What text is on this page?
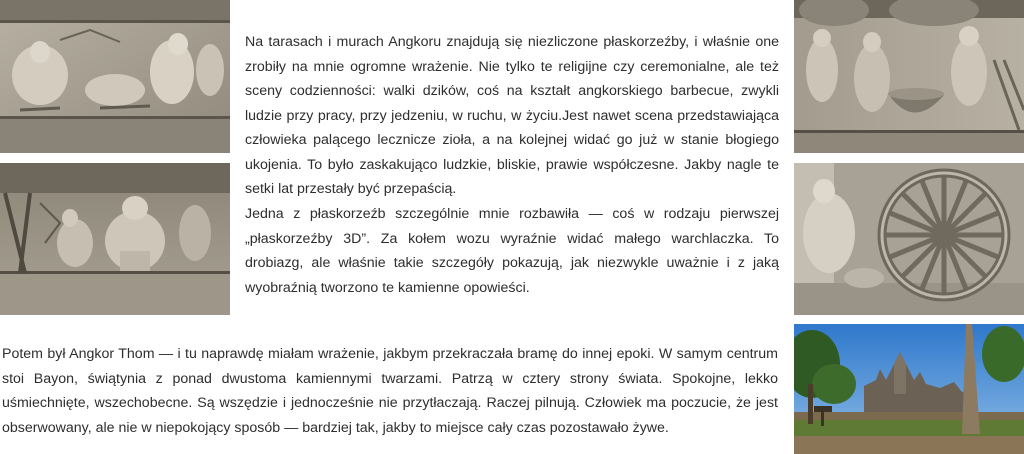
Na tarasach i murach Angkoru znajdują się niezliczone płaskorzeźby, i właśnie one zrobiły na mnie ogromne wrażenie. Nie tylko te religijne czy ceremonialne, ale też sceny codzienności: walki dzików, coś na kształt angkorskiego barbecue, zwykli ludzie przy pracy, przy jedzeniu, w ruchu, w życiu.Jest nawet scena przedstawiająca człowieka palącego lecznicze zioła, a na kolejnej widać go już w stanie błogiego ukojenia. To było zaskakująco ludzkie, bliskie, prawie współczesne. Jakby nagle te setki lat przestały być przepaścią.

Jedna z płaskorzeźb szczególnie mnie rozbawiła — coś w rodzaju pierwszej „płaskorzeźby 3D”. Za kołem wozu wyraźnie widać małego warchlaczka. To drobiazg, ale właśnie takie szczegóły pokazują, jak niezwykle uważnie i z jaką wyobraźnią tworzono te kamienne opowieści.

Potem był Angkor Thom — i tu naprawdę miałam wrażenie, jakbym przekraczała bramę do innej epoki. W samym centrum stoi Bayon, świątynia z ponad dwustoma kamiennymi twarzami. Patrzą w cztery strony świata. Spokojne, lekko uśmiechnięte, wszechobecne. Są wszędzie i jednocześnie nie przytłaczają. Raczej pilnują. Człowiek ma poczucie, że jest obserwowany, ale nie w niepokojący sposób — bardziej tak, jakby to miejsce cały czas pozostawało żywe.
